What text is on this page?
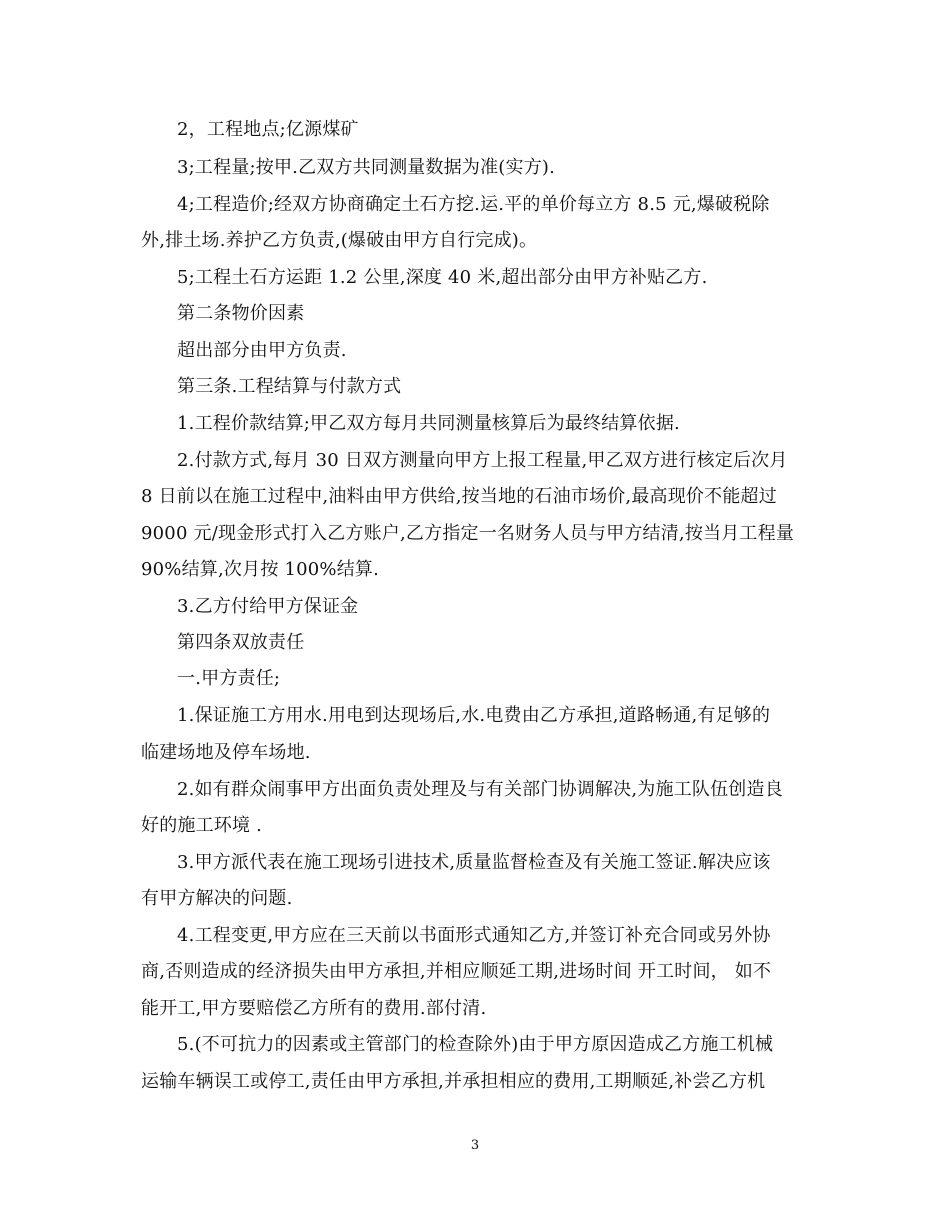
2，工程地点;亿源煤矿
3;工程量;按甲.乙双方共同测量数据为准(实方).
4;工程造价;经双方协商确定土石方挖.运.平的单价每立方 8.5 元,爆破税除
外,排土场.养护乙方负责,(爆破由甲方自行完成)。
5;工程土石方运距 1.2 公里,深度 40 米,超出部分由甲方补贴乙方.
第二条物价因素
超出部分由甲方负责.
第三条.工程结算与付款方式
1.工程价款结算;甲乙双方每月共同测量核算后为最终结算依据.
2.付款方式,每月 30 日双方测量向甲方上报工程量,甲乙双方进行核定后次月
8 日前以在施工过程中,油料由甲方供给,按当地的石油市场价,最高现价不能超过
9000 元/现金形式打入乙方账户,乙方指定一名财务人员与甲方结清,按当月工程量
90%结算,次月按 100%结算.
3.乙方付给甲方保证金
第四条双放责任
一.甲方责任;
1.保证施工方用水.用电到达现场后,水.电费由乙方承担,道路畅通,有足够的
临建场地及停车场地.
2.如有群众闹事甲方出面负责处理及与有关部门协调解决,为施工队伍创造良
好的施工环境 .
3.甲方派代表在施工现场引进技术,质量监督检查及有关施工签证.解决应该
有甲方解决的问题.
4.工程变更,甲方应在三天前以书面形式通知乙方,并签订补充合同或另外协
商,否则造成的经济损失由甲方承担,并相应顺延工期,进场时间 开工时间， 如不
能开工,甲方要赔偿乙方所有的费用.部付清.
5.(不可抗力的因素或主管部门的检查除外)由于甲方原因造成乙方施工机械
运输车辆误工或停工,责任由甲方承担,并承担相应的费用,工期顺延,补尝乙方机
3
